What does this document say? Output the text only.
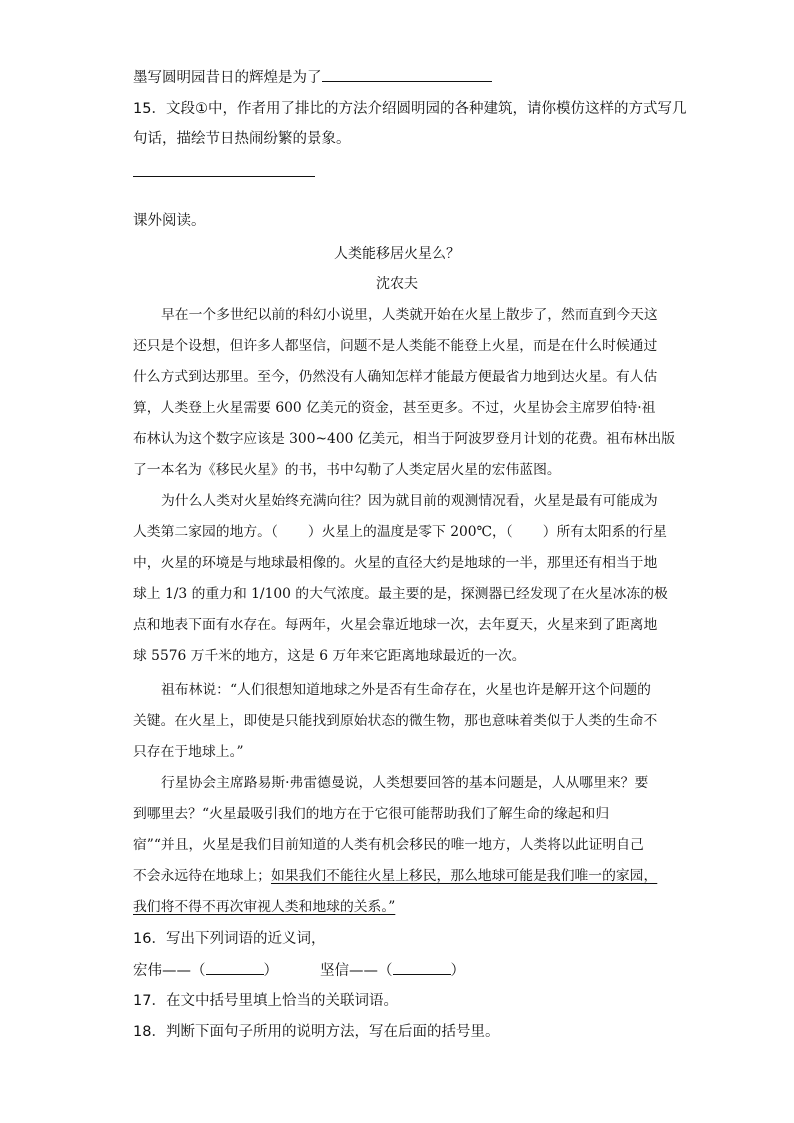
墨写圆明园昔日的辉煌是为了
15．文段①中，作者用了排比的方法介绍圆明园的各种建筑，请你模仿这样的方式写几
句话，描绘节日热闹纷繁的景象。
课外阅读。
人类能移居火星么？
沈农夫
早在一个多世纪以前的科幻小说里，人类就开始在火星上散步了，然而直到今天这
还只是个设想，但许多人都坚信，问题不是人类能不能登上火星，而是在什么时候通过
什么方式到达那里。至今，仍然没有人确知怎样才能最方便最省力地到达火星。有人估
算，人类登上火星需要 600 亿美元的资金，甚至更多。不过，火星协会主席罗伯特·祖
布林认为这个数字应该是 300~400 亿美元，相当于阿波罗登月计划的花费。祖布林出版
了一本名为《移民火星》的书，书中勾勒了人类定居火星的宏伟蓝图。
为什么人类对火星始终充满向往？因为就目前的观测情况看，火星是最有可能成为
人类第二家园的地方。（ ）火星上的温度是零下 200℃，（ ）所有太阳系的行星
中，火星的环境是与地球最相像的。火星的直径大约是地球的一半，那里还有相当于地
球上 1/3 的重力和 1/100 的大气浓度。最主要的是，探测器已经发现了在火星冰冻的极
点和地表下面有水存在。每两年，火星会靠近地球一次，去年夏天，火星来到了距离地
球 5576 万千米的地方，这是 6 万年来它距离地球最近的一次。
祖布林说：“人们很想知道地球之外是否有生命存在，火星也许是解开这个问题的
关键。在火星上，即使是只能找到原始状态的微生物，那也意味着类似于人类的生命不
只存在于地球上。”
行星协会主席路易斯·弗雷德曼说，人类想要回答的基本问题是，人从哪里来？要
到哪里去？“火星最吸引我们的地方在于它很可能帮助我们了解生命的缘起和归
宿”“并且，火星是我们目前知道的人类有机会移民的唯一地方，人类将以此证明自己
不会永远待在地球上；如果我们不能往火星上移民，那么地球可能是我们唯一的家园，
我们将不得不再次审视人类和地球的关系。”
16．写出下列词语的近义词，
宏伟——（	）	坚信——（	）
17．在文中括号里填上恰当的关联词语。
18．判断下面句子所用的说明方法，写在后面的括号里。
